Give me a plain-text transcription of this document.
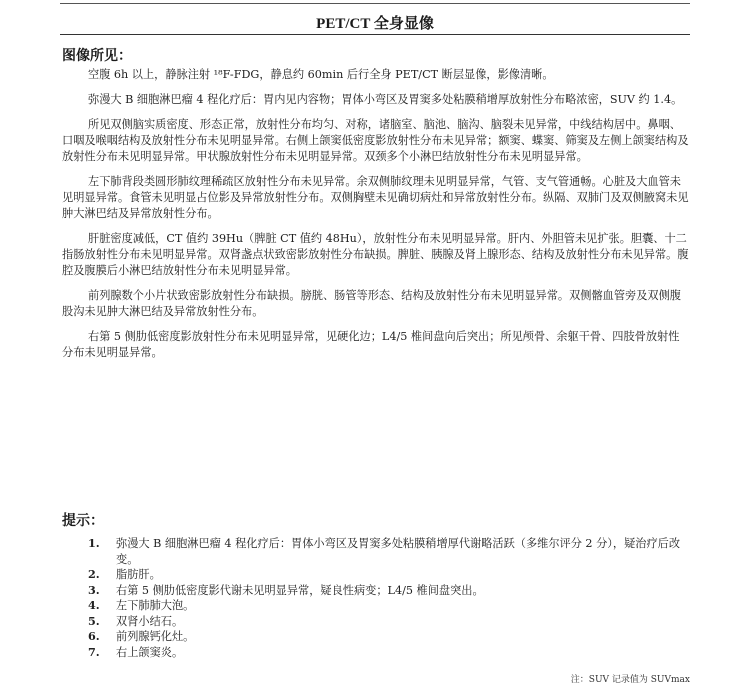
PET/CT 全身显像
图像所见：

空腹 6h 以上，静脉注射 ¹⁸F-FDG，静息约 60min 后行全身 PET/CT 断层显像，影像清晰。

弥漫大 B 细胞淋巴瘤 4 程化疗后：胃内见内容物；胃体小弯区及胃窦多处粘膜稍增厚放射性分布略浓密，SUV 约 1.4。

所见双侧脑实质密度、形态正常，放射性分布均匀、对称，诸脑室、脑池、脑沟、脑裂未见异常，中线结构居中。鼻咽、口咽及喉咽结构及放射性分布未见明显异常。右侧上颌窦低密度影放射性分布未见异常；额窦、蝶窦、筛窦及左侧上颌窦结构及放射性分布未见明显异常。甲状腺放射性分布未见明显异常。双颈多个小淋巴结放射性分布未见明显异常。

左下肺背段类圆形肺纹理稀疏区放射性分布未见异常。余双侧肺纹理未见明显异常，气管、支气管通畅。心脏及大血管未见明显异常。食管未见明显占位影及异常放射性分布。双侧胸壁未见确切病灶和异常放射性分布。纵隔、双肺门及双侧腋窝未见肿大淋巴结及异常放射性分布。

肝脏密度减低，CT 值约 39Hu（脾脏 CT 值约 48Hu），放射性分布未见明显异常。肝内、外胆管未见扩张。胆囊、十二指肠放射性分布未见明显异常。双肾盏点状致密影放射性分布缺损。脾脏、胰腺及肾上腺形态、结构及放射性分布未见异常。腹腔及腹膜后小淋巴结放射性分布未见明显异常。

前列腺数个小片状致密影放射性分布缺损。膀胱、肠管等形态、结构及放射性分布未见明显异常。双侧髂血管旁及双侧腹股沟未见肿大淋巴结及异常放射性分布。

右第 5 侧肋低密度影放射性分布未见明显异常，见硬化边；L4/5 椎间盘向后突出；所见颅骨、余躯干骨、四肢骨放射性分布未见明显异常。

提示：
1. 弥漫大 B 细胞淋巴瘤 4 程化疗后：胃体小弯区及胃窦多处粘膜稍增厚代谢略活跃（多维尔评分 2 分），疑治疗后改变。
2. 脂肪肝。
3. 右第 5 侧肋低密度影代谢未见明显异常，疑良性病变；L4/5 椎间盘突出。
4. 左下肺肺大泡。
5. 双肾小结石。
6. 前列腺钙化灶。
7. 右上颌窦炎。
注：SUV 记录值为 SUVmax
